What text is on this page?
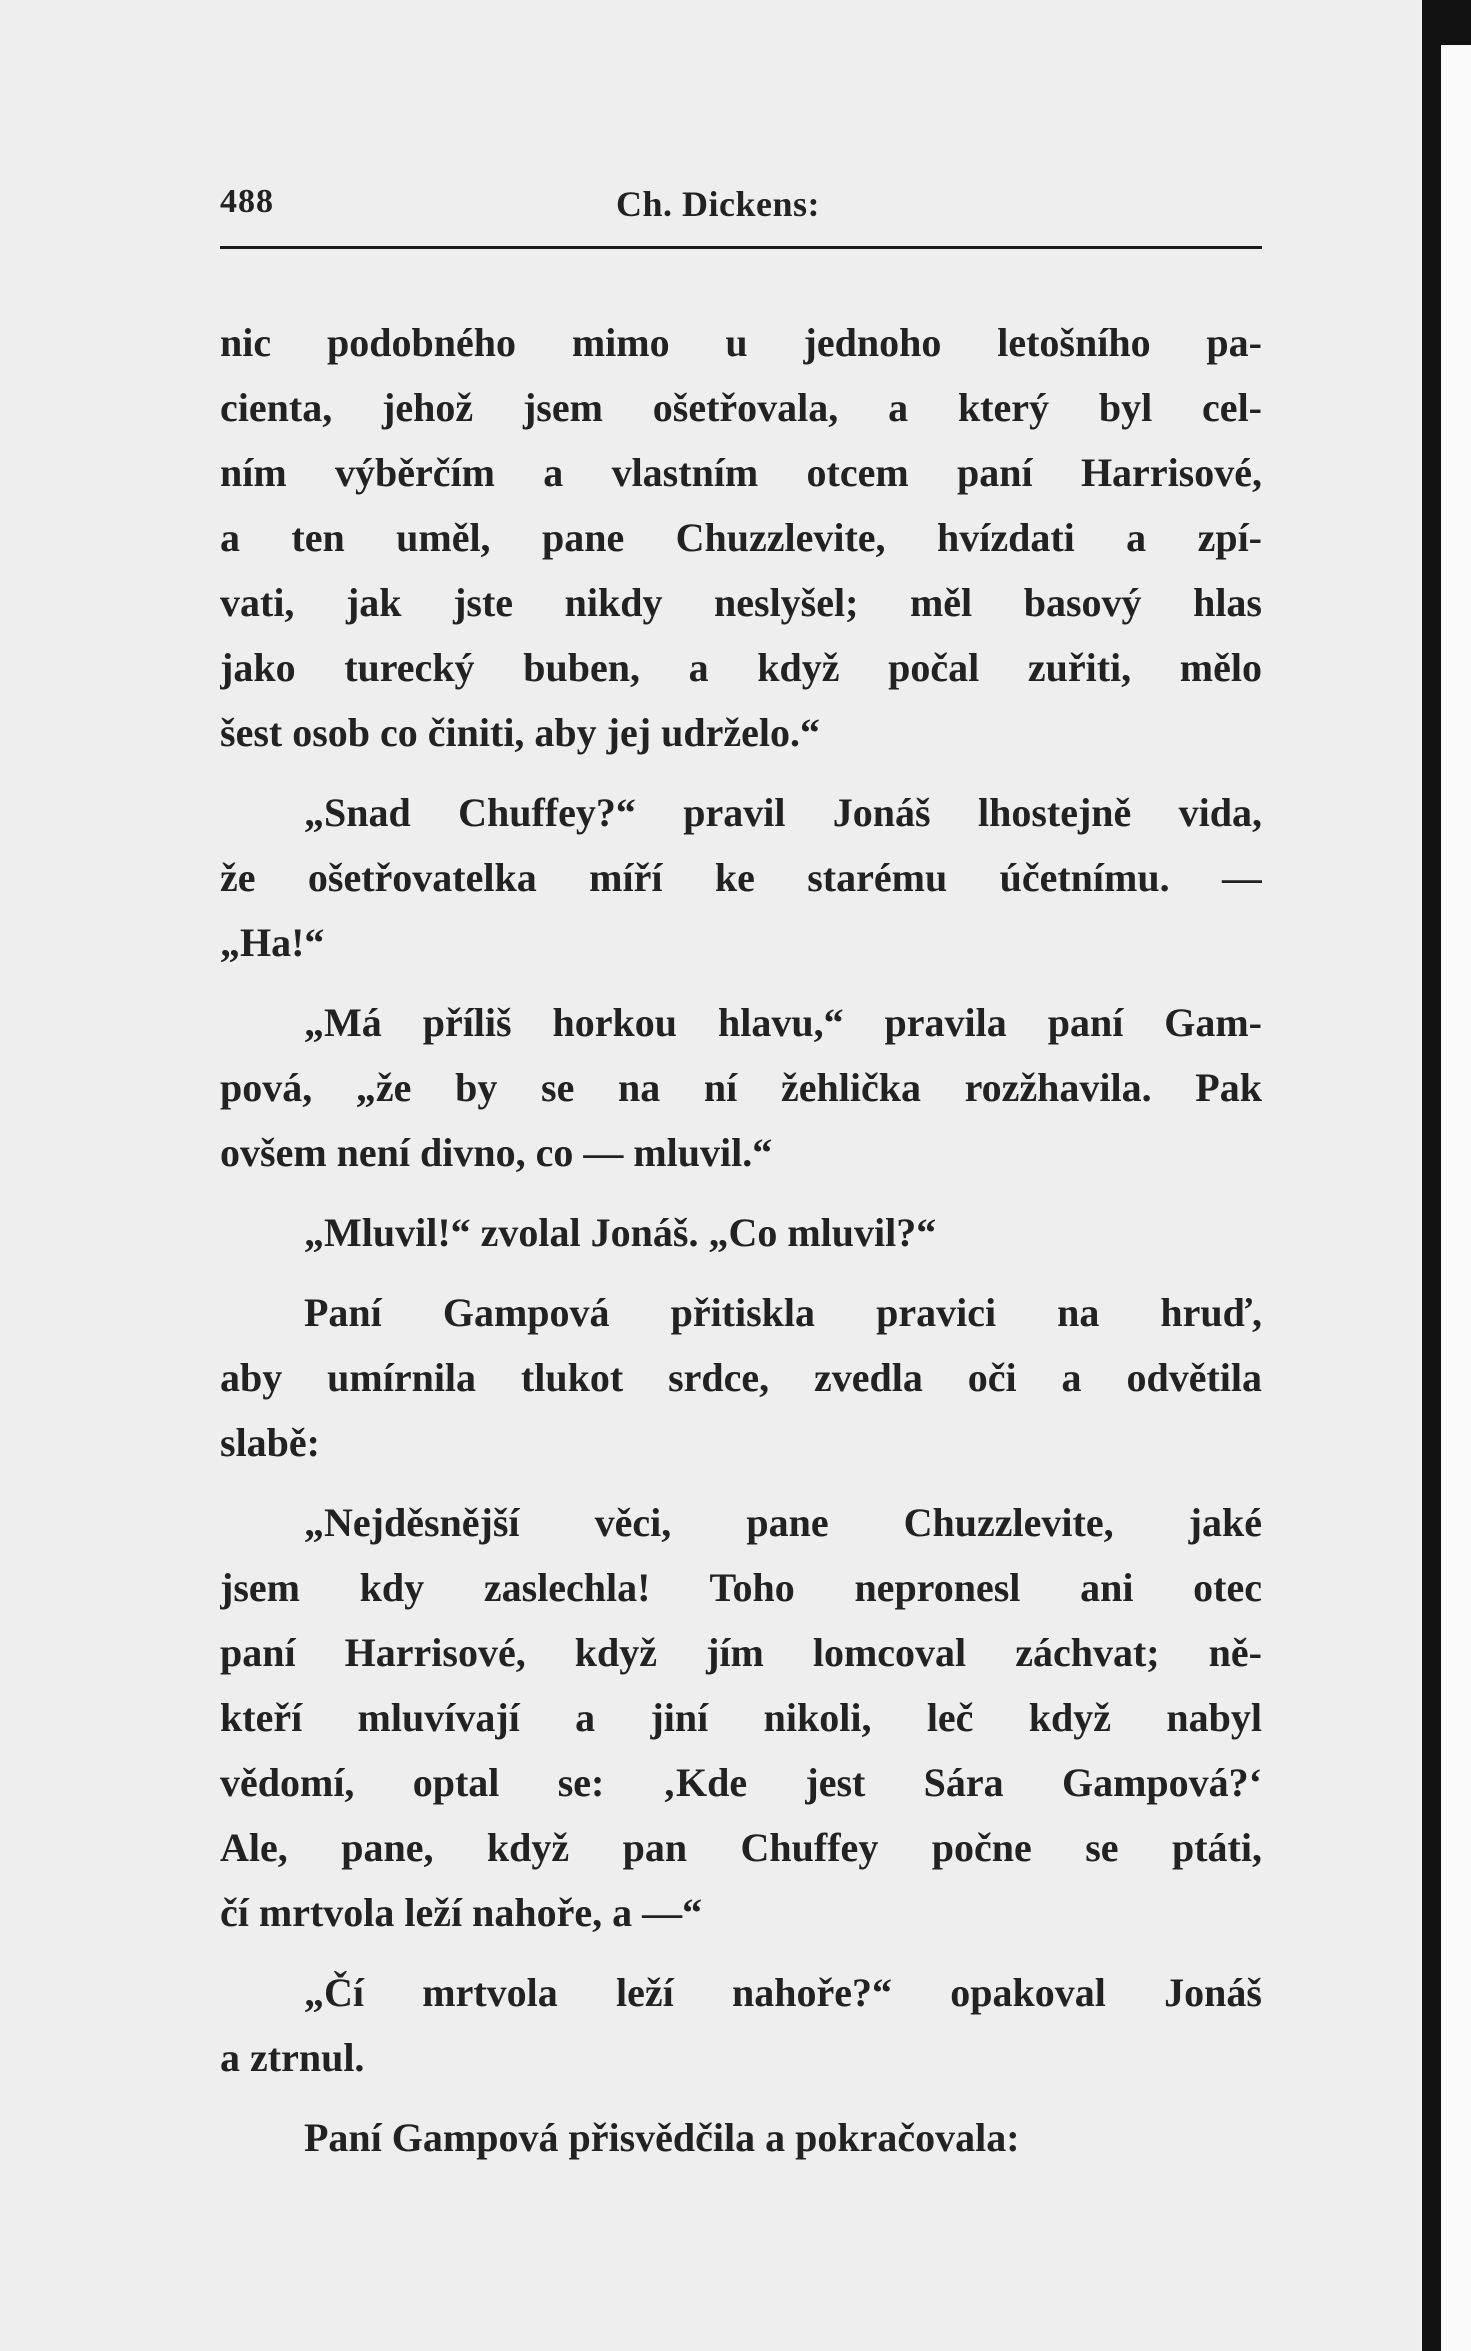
488	Ch. Dickens:
nic podobného mimo u jednoho letošního pa-
cienta, jehož jsem ošetřovala, a který byl cel-
ním výběrčím a vlastním otcem paní Harrisové,
a ten uměl, pane Chuzzlevite, hvízdati a zpí-
vati, jak jste nikdy neslyšel; měl basový hlas
jako turecký buben, a když počal zuřiti, mělo
šest osob co činiti, aby jej udrželo.“
„Snad Chuffey?“ pravil Jonáš lhostejně vida,
že ošetřovatelka míří ke starému účetnímu. —
„Ha!“
„Má příliš horkou hlavu,“ pravila paní Gam-
pová, „že by se na ní žehlička rozžhavila. Pak
ovšem není divno, co — mluvil.“
„Mluvil!“ zvolal Jonáš. „Co mluvil?“
Paní Gampová přitiskla pravici na hruď,
aby umírnila tlukot srdce, zvedla oči a odvětila
slabě:
„Nejděsnější věci, pane Chuzzlevite, jaké
jsem kdy zaslechla! Toho nepronesl ani otec
paní Harrisové, když jím lomcoval záchvat; ně-
kteří mluvívají a jiní nikoli, leč když nabyl
vědomí, optal se: ‚Kde jest Sára Gampová?‘
Ale, pane, když pan Chuffey počne se ptáti,
čí mrtvola leží nahoře, a —“
„Čí mrtvola leží nahoře?“ opakoval Jonáš
a ztrnul.
Paní Gampová přisvědčila a pokračovala:
